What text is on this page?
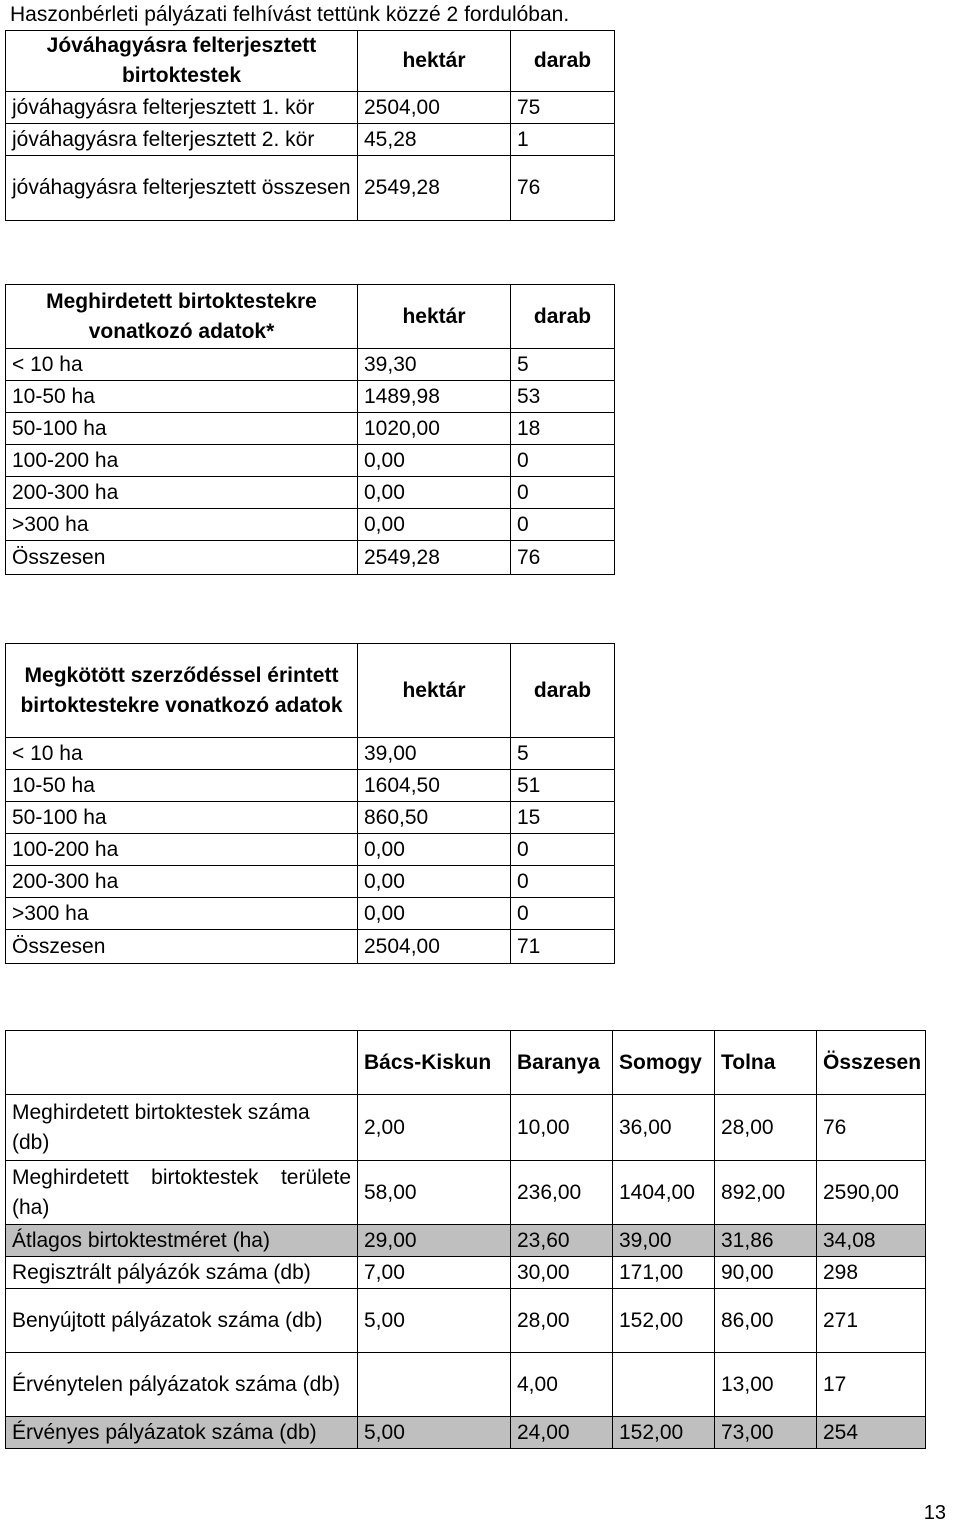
Haszonbérleti pályázati felhívást tettünk közzé 2 fordulóban.
Jóváhagyásra felterjesztett birtoktestek	hektár	darab
jóváhagyásra felterjesztett 1. kör	2504,00	75
jóváhagyásra felterjesztett 2. kör	45,28	1
jóváhagyásra felterjesztett összesen	2549,28	76
Meghirdetett birtoktestekre vonatkozó adatok*	hektár	darab
< 10 ha	39,30	5
10-50 ha	1489,98	53
50-100 ha	1020,00	18
100-200 ha	0,00	0
200-300 ha	0,00	0
>300 ha	0,00	0
Összesen	2549,28	76
Megkötött szerződéssel érintett birtoktestekre vonatkozó adatok	hektár	darab
< 10 ha	39,00	5
10-50 ha	1604,50	51
50-100 ha	860,50	15
100-200 ha	0,00	0
200-300 ha	0,00	0
>300 ha	0,00	0
Összesen	2504,00	71
	Bács-Kiskun	Baranya	Somogy	Tolna	Összesen
Meghirdetett birtoktestek száma (db)	2,00	10,00	36,00	28,00	76
Meghirdetett birtoktestek területe (ha)	58,00	236,00	1404,00	892,00	2590,00
Átlagos birtoktestméret (ha)	29,00	23,60	39,00	31,86	34,08
Regisztrált pályázók száma (db)	7,00	30,00	171,00	90,00	298
Benyújtott pályázatok száma (db)	5,00	28,00	152,00	86,00	271
Érvénytelen pályázatok száma (db)		4,00		13,00	17
Érvényes pályázatok száma (db)	5,00	24,00	152,00	73,00	254
13
